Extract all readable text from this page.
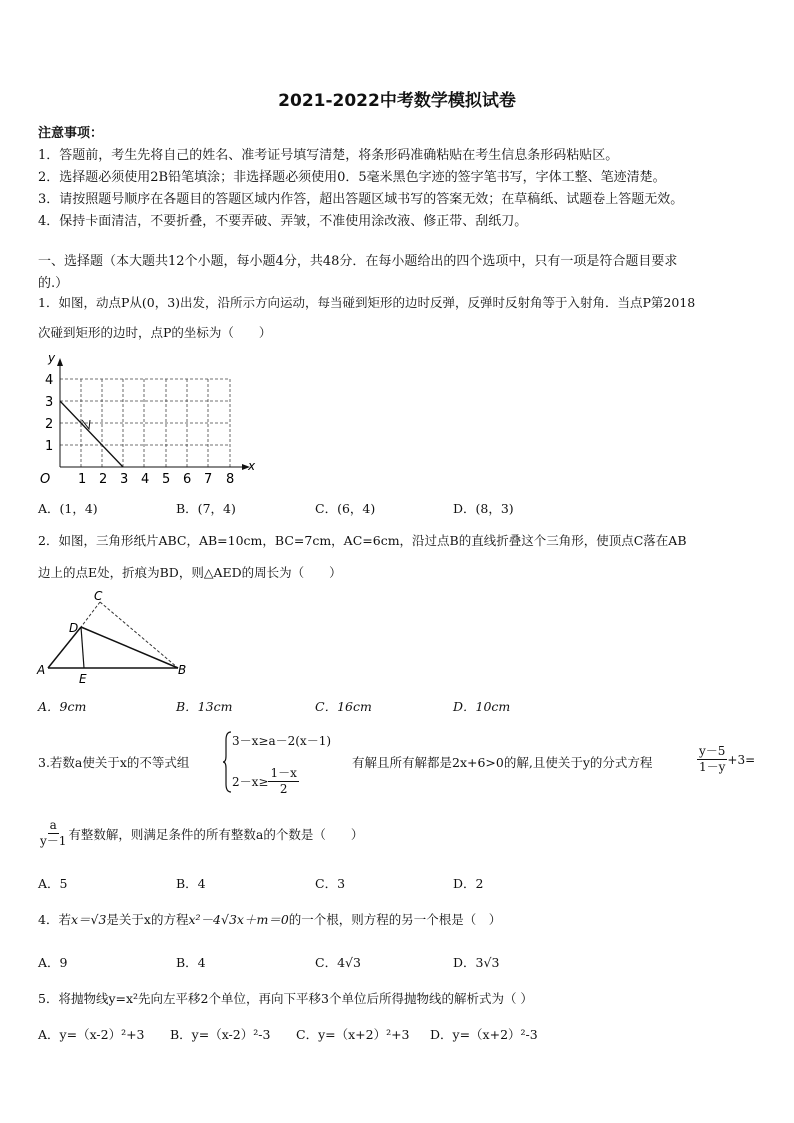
2021-2022中考数学模拟试卷
注意事项：
1．答题前，考生先将自己的姓名、准考证号填写清楚，将条形码准确粘贴在考生信息条形码粘贴区。
2．选择题必须使用2B铅笔填涂；非选择题必须使用0．5毫米黑色字迹的签字笔书写，字体工整、笔迹清楚。
3．请按照题号顺序在各题目的答题区域内作答，超出答题区域书写的答案无效；在草稿纸、试题卷上答题无效。
4．保持卡面清洁，不要折叠，不要弄破、弄皱，不准使用涂改液、修正带、刮纸刀。
一、选择题（本大题共12个小题，每小题4分，共48分．在每小题给出的四个选项中，只有一项是符合题目要求
的.）
1．如图，动点P从(0，3)出发，沿所示方向运动，每当碰到矩形的边时反弹，反弹时反射角等于入射角．当点P第2018
次碰到矩形的边时，点P的坐标为（　　）
y
x
O 1 2 3 4 5 6 7 8
1
2
3
4
A．(1，4)	B．(7，4)	C．(6，4)	D．(8，3)
2．如图，三角形纸片ABC，AB=10cm，BC=7cm，AC=6cm，沿过点B的直线折叠这个三角形，使顶点C落在AB
边上的点E处，折痕为BD，则△AED的周长为（　　）
C
D
A
E
B
A．9cm	B．13cm	C．16cm	D．10cm
3.若数a使关于x的不等式组
3－x≥a－2(x－1)
$2-x\ge \frac{1-x}{2}$
有解且所有解都是2x+6>0的解,且使关于y的分式方程	$\frac{y-5}{1-y} +3=$
$\frac{a}{y-1}$ 有整数解，则满足条件的所有整数a的个数是（　　）
A．5	B．4	C．3	D．2
4．若x＝√3是关于x的方程x²－4√3x＋m＝0的一个根，则方程的另一个根是（　）
A．9	B．4	C．4√3	D．3√3
5．将抛物线y=x²先向左平移2个单位，再向下平移3个单位后所得抛物线的解析式为（ ）
A．y=（x-2）²+3 B．y=（x-2）²-3 C．y=（x+2）²+3 D．y=（x+2）²-3
